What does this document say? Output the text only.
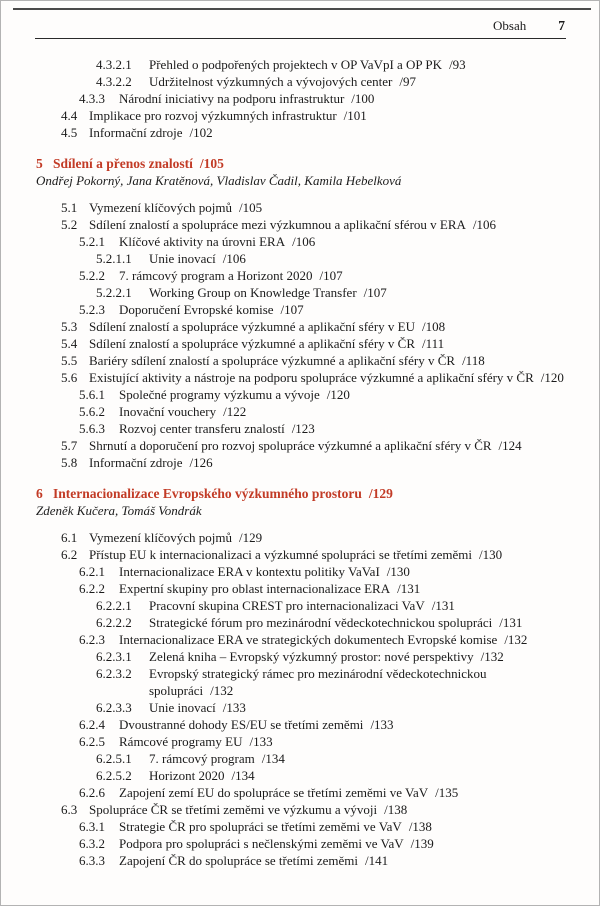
Obsah 7
4.3.2.1 Přehled o podpořených projektech v OP VaVpI a OP PK /93
4.3.2.2 Udržitelnost výzkumných a vývojových center /97
4.3.3 Národní iniciativy na podporu infrastruktur /100
4.4 Implikace pro rozvoj výzkumných infrastruktur /101
4.5 Informační zdroje /102
5 Sdílení a přenos znalostí /105
Ondřej Pokorný, Jana Kratěnová, Vladislav Čadil, Kamila Hebelková
5.1 Vymezení klíčových pojmů /105
5.2 Sdílení znalostí a spolupráce mezi výzkumnou a aplikační sférou v ERA /106
5.2.1 Klíčové aktivity na úrovni ERA /106
5.2.1.1 Unie inovací /106
5.2.2 7. rámcový program a Horizont 2020 /107
5.2.2.1 Working Group on Knowledge Transfer /107
5.2.3 Doporučení Evropské komise /107
5.3 Sdílení znalostí a spolupráce výzkumné a aplikační sféry v EU /108
5.4 Sdílení znalostí a spolupráce výzkumné a aplikační sféry v ČR /111
5.5 Bariéry sdílení znalostí a spolupráce výzkumné a aplikační sféry v ČR /118
5.6 Existující aktivity a nástroje na podporu spolupráce výzkumné a aplikační sféry v ČR /120
5.6.1 Společné programy výzkumu a vývoje /120
5.6.2 Inovační vouchery /122
5.6.3 Rozvoj center transferu znalostí /123
5.7 Shrnutí a doporučení pro rozvoj spolupráce výzkumné a aplikační sféry v ČR /124
5.8 Informační zdroje /126
6 Internacionalizace Evropského výzkumného prostoru /129
Zdeněk Kučera, Tomáš Vondrák
6.1 Vymezení klíčových pojmů /129
6.2 Přístup EU k internacionalizaci a výzkumné spolupráci se třetími zeměmi /130
6.2.1 Internacionalizace ERA v kontextu politiky VaVaI /130
6.2.2 Expertní skupiny pro oblast internacionalizace ERA /131
6.2.2.1 Pracovní skupina CREST pro internacionalizaci VaV /131
6.2.2.2 Strategické fórum pro mezinárodní vědeckotechnickou spolupráci /131
6.2.3 Internacionalizace ERA ve strategických dokumentech Evropské komise /132
6.2.3.1 Zelená kniha – Evropský výzkumný prostor: nové perspektivy /132
6.2.3.2 Evropský strategický rámec pro mezinárodní vědeckotechnickou spolupráci /132
6.2.3.3 Unie inovací /133
6.2.4 Dvoustranné dohody ES/EU se třetími zeměmi /133
6.2.5 Rámcové programy EU /133
6.2.5.1 7. rámcový program /134
6.2.5.2 Horizont 2020 /134
6.2.6 Zapojení zemí EU do spolupráce se třetími zeměmi ve VaV /135
6.3 Spolupráce ČR se třetími zeměmi ve výzkumu a vývoji /138
6.3.1 Strategie ČR pro spolupráci se třetími zeměmi ve VaV /138
6.3.2 Podpora pro spolupráci s nečlenskými zeměmi ve VaV /139
6.3.3 Zapojení ČR do spolupráce se třetími zeměmi /141
